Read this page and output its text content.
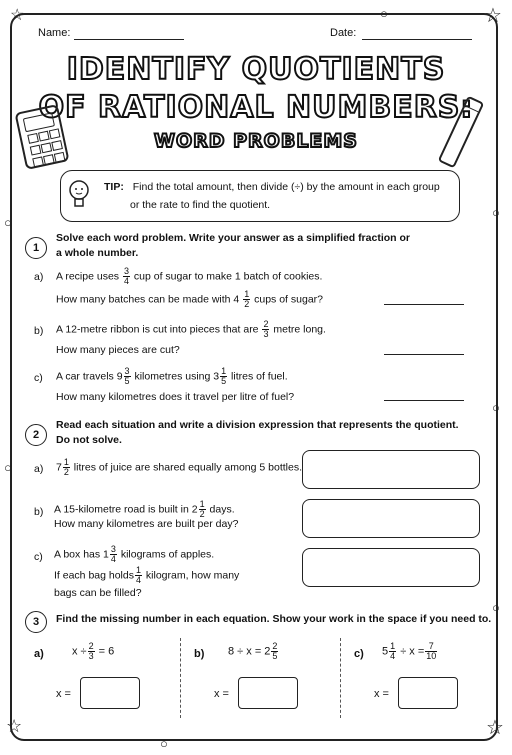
☆	☆
☆	☆
○
○
○
○
○
○
○
Name:	Date:
IDENTIFY QUOTIENTS
OF RATIONAL NUMBERS:
WORD PROBLEMS
TIP: Find the total amount, then divide (÷) by the amount in each group
or the rate to find the quotient.
1
Solve each word problem. Write your answer as a simplified fraction or
a whole number.
a) A recipe uses $\frac{3}{4}$ cup of sugar to make 1 batch of cookies.
How many batches can be made with $4 \frac{1}{2}$ cups of sugar?
b) A 12-metre ribbon is cut into pieces that are $\frac{2}{3}$ metre long.
How many pieces are cut?
c) A car travels $9 \frac{3}{5}$ kilometres using $3 \frac{1}{5}$ litres of fuel.
How many kilometres does it travel per litre of fuel?
2
Read each situation and write a division expression that represents the quotient.
Do not solve.
a) $7 \frac{1}{2}$ litres of juice are shared equally among 5 bottles.
b) A 15-kilometre road is built in $2 \frac{1}{2}$ days.
How many kilometres are built per day?
c) A box has $1 \frac{3}{4}$ kilograms of apples.
If each bag holds $\frac{1}{4}$ kilogram, how many
bags can be filled?
3	Find the missing number in each equation. Show your work in the space if you need to.
a)	$x \div \frac{2}{3} = 6$
x =
b) $8 \div x = 2 \frac{2}{5}$
x =
c) $5 \frac{1}{4} \div x = \frac{7}{10}$
x =
